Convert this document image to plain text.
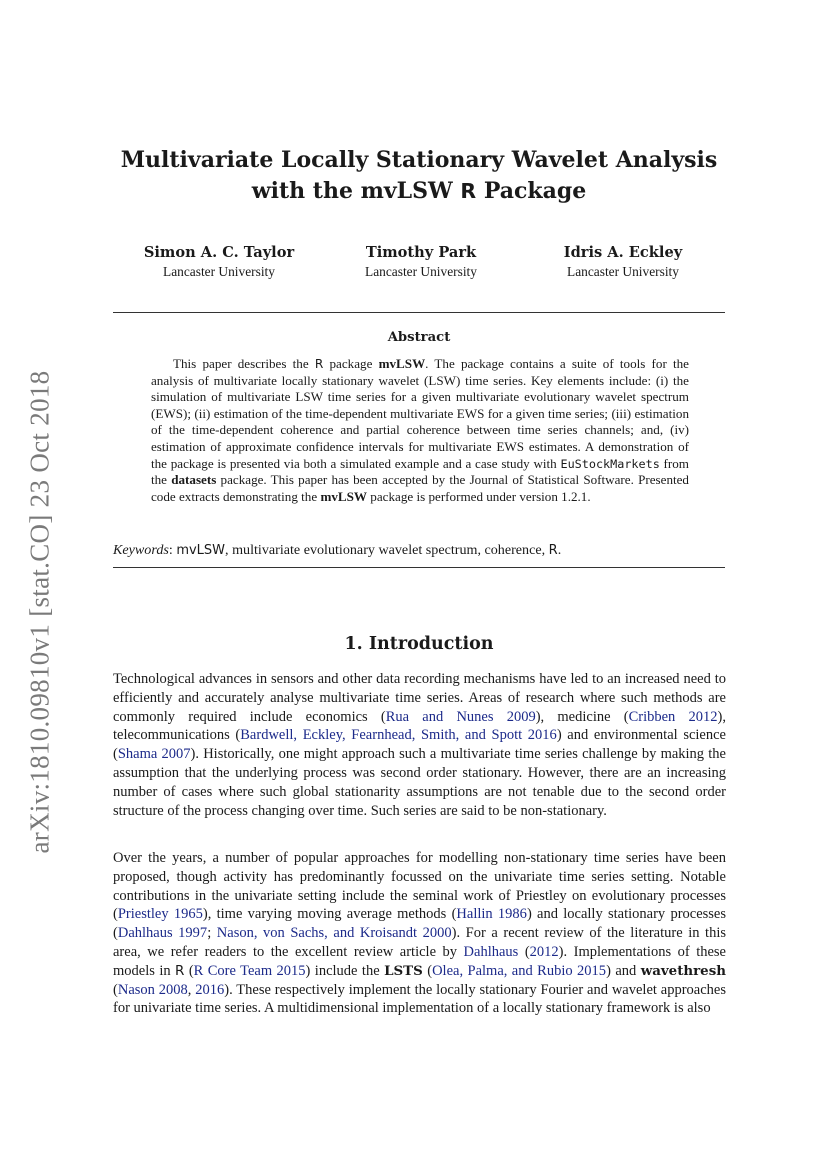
arXiv:1810.09810v1 [stat.CO] 23 Oct 2018
Multivariate Locally Stationary Wavelet Analysis
with the mvLSW R Package
Simon A. C. Taylor
Lancaster University
Timothy Park
Lancaster University
Idris A. Eckley
Lancaster University
Abstract
This paper describes the R package mvLSW. The package contains a suite of tools for the analysis of multivariate locally stationary wavelet (LSW) time series. Key elements include: (i) the simulation of multivariate LSW time series for a given multivariate evolutionary wavelet spectrum (EWS); (ii) estimation of the time-dependent multivariate EWS for a given time series; (iii) estimation of the time-dependent coherence and partial coherence between time series channels; and, (iv) estimation of approximate confidence intervals for multivariate EWS estimates. A demonstration of the package is presented via both a simulated example and a case study with EuStockMarkets from the datasets package. This paper has been accepted by the Journal of Statistical Software. Presented code extracts demonstrating the mvLSW package is performed under version 1.2.1.
Keywords: mvLSW, multivariate evolutionary wavelet spectrum, coherence, R.
1. Introduction
Technological advances in sensors and other data recording mechanisms have led to an increased need to efficiently and accurately analyse multivariate time series. Areas of research where such methods are commonly required include economics (Rua and Nunes 2009), medicine (Cribben 2012), telecommunications (Bardwell, Eckley, Fearnhead, Smith, and Spott 2016) and environmental science (Shama 2007). Historically, one might approach such a multivariate time series challenge by making the assumption that the underlying process was second order stationary. However, there are an increasing number of cases where such global stationarity assumptions are not tenable due to the second order structure of the process changing over time. Such series are said to be non-stationary.
Over the years, a number of popular approaches for modelling non-stationary time series have been proposed, though activity has predominantly focussed on the univariate time series setting. Notable contributions in the univariate setting include the seminal work of Priestley on evolutionary processes (Priestley 1965), time varying moving average methods (Hallin 1986) and locally stationary processes (Dahlhaus 1997; Nason, von Sachs, and Kroisandt 2000). For a recent review of the literature in this area, we refer readers to the excellent review article by Dahlhaus (2012). Implementations of these models in R (R Core Team 2015) include the LSTS (Olea, Palma, and Rubio 2015) and wavethresh (Nason 2008, 2016). These respectively implement the locally stationary Fourier and wavelet approaches for univariate time series. A multidimensional implementation of a locally stationary framework is also
